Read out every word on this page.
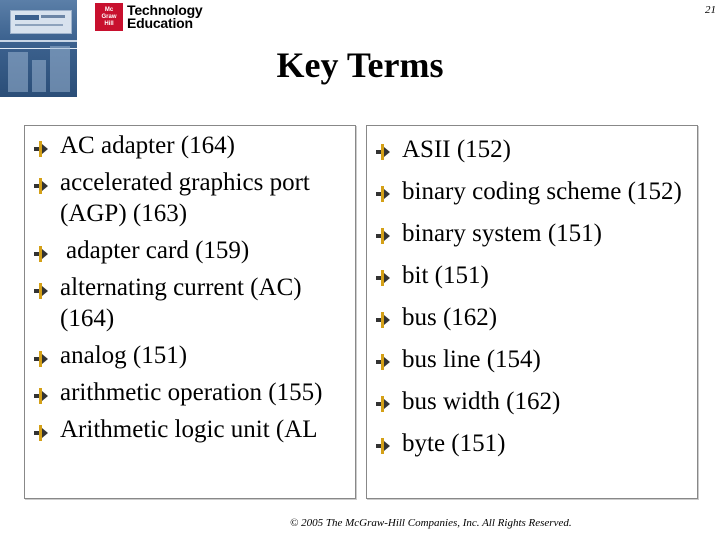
Mc
Graw
Hill
Technology
Education
21
Key Terms
AC adapter (164)
accelerated graphics port (AGP) (163)
adapter card (159)
alternating current (AC) (164)
analog (151)
arithmetic operation (155)
Arithmetic logic unit (AL
ASII (152)
binary coding scheme (152)
binary system (151)
bit (151)
bus (162)
bus line (154)
bus width (162)
byte (151)
© 2005 The McGraw-Hill Companies, Inc. All Rights Reserved.
